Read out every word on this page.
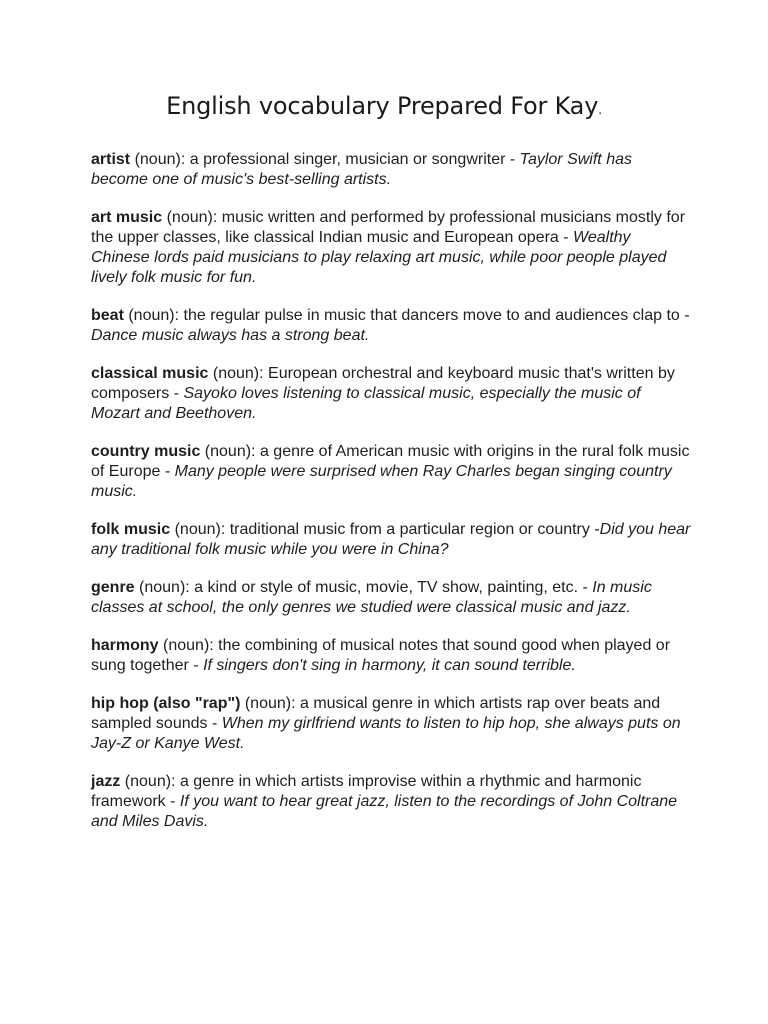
English vocabulary Prepared For Kay.

artist (noun): a professional singer, musician or songwriter - Taylor Swift has become one of music's best-selling artists.

art music (noun): music written and performed by professional musicians mostly for the upper classes, like classical Indian music and European opera - Wealthy Chinese lords paid musicians to play relaxing art music, while poor people played lively folk music for fun.

beat (noun): the regular pulse in music that dancers move to and audiences clap to - Dance music always has a strong beat.

classical music (noun): European orchestral and keyboard music that's written by composers - Sayoko loves listening to classical music, especially the music of Mozart and Beethoven.

country music (noun): a genre of American music with origins in the rural folk music of Europe - Many people were surprised when Ray Charles began singing country music.

folk music (noun): traditional music from a particular region or country -Did you hear any traditional folk music while you were in China?

genre (noun): a kind or style of music, movie, TV show, painting, etc. - In music classes at school, the only genres we studied were classical music and jazz.

harmony (noun): the combining of musical notes that sound good when played or sung together - If singers don't sing in harmony, it can sound terrible.

hip hop (also "rap") (noun): a musical genre in which artists rap over beats and sampled sounds - When my girlfriend wants to listen to hip hop, she always puts on Jay-Z or Kanye West.

jazz (noun): a genre in which artists improvise within a rhythmic and harmonic framework - If you want to hear great jazz, listen to the recordings of John Coltrane and Miles Davis.
